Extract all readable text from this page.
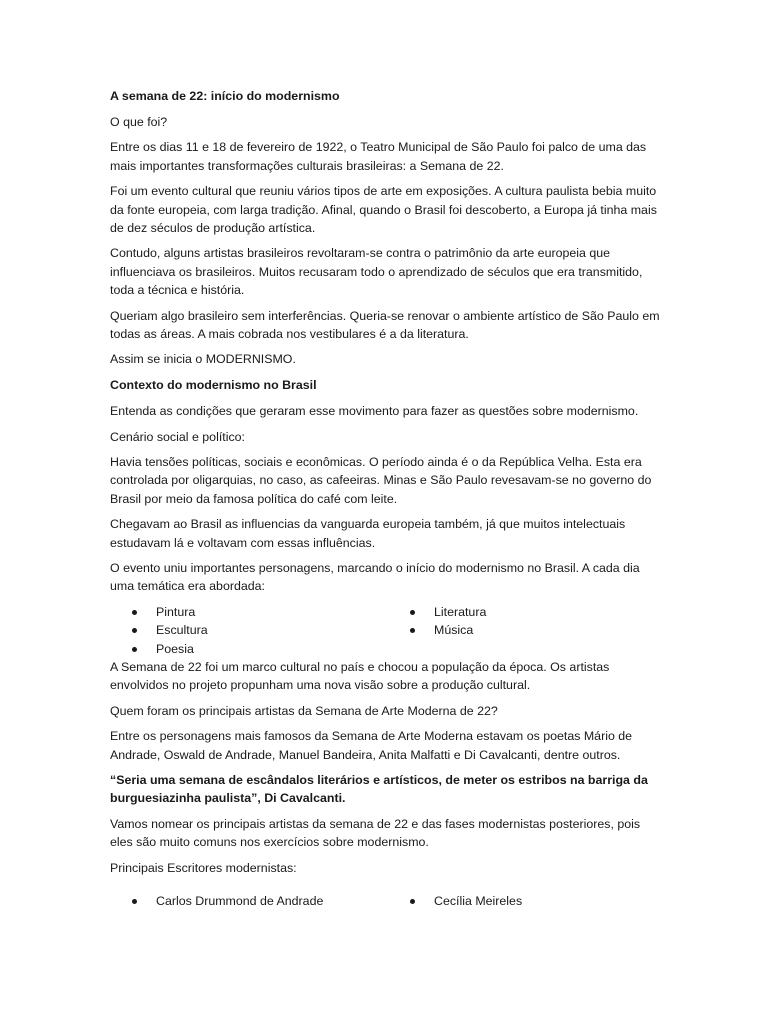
A semana de 22: início do modernismo

O que foi?

Entre os dias 11 e 18 de fevereiro de 1922, o Teatro Municipal de São Paulo foi palco de uma das mais importantes transformações culturais brasileiras: a Semana de 22.

Foi um evento cultural que reuniu vários tipos de arte em exposições. A cultura paulista bebia muito da fonte europeia, com larga tradição. Afinal, quando o Brasil foi descoberto, a Europa já tinha mais de dez séculos de produção artística.

Contudo, alguns artistas brasileiros revoltaram-se contra o patrimônio da arte europeia que influenciava os brasileiros. Muitos recusaram todo o aprendizado de séculos que era transmitido, toda a técnica e história.

Queriam algo brasileiro sem interferências. Queria-se renovar o ambiente artístico de São Paulo em todas as áreas. A mais cobrada nos vestibulares é a da literatura.

Assim se inicia o MODERNISMO.

Contexto do modernismo no Brasil

Entenda as condições que geraram esse movimento para fazer as questões sobre modernismo.

Cenário social e político:

Havia tensões políticas, sociais e econômicas. O período ainda é o da República Velha. Esta era controlada por oligarquias, no caso, as cafeeiras. Minas e São Paulo revesavam-se no governo do Brasil por meio da famosa política do café com leite.

Chegavam ao Brasil as influencias da vanguarda europeia também, já que muitos intelectuais estudavam lá e voltavam com essas influências.

O evento uniu importantes personagens, marcando o início do modernismo no Brasil. A cada dia uma temática era abordada:

Pintura
Escultura
Poesia
Literatura
Música

A Semana de 22 foi um marco cultural no país e chocou a população da época. Os artistas envolvidos no projeto propunham uma nova visão sobre a produção cultural.

Quem foram os principais artistas da Semana de Arte Moderna de 22?

Entre os personagens mais famosos da Semana de Arte Moderna estavam os poetas Mário de Andrade, Oswald de Andrade, Manuel Bandeira, Anita Malfatti e Di Cavalcanti, dentre outros.

“Seria uma semana de escândalos literários e artísticos, de meter os estribos na barriga da burguesiazinha paulista”, Di Cavalcanti.

Vamos nomear os principais artistas da semana de 22 e das fases modernistas posteriores, pois eles são muito comuns nos exercícios sobre modernismo.

Principais Escritores modernistas:

Carlos Drummond de Andrade	Cecília Meireles
